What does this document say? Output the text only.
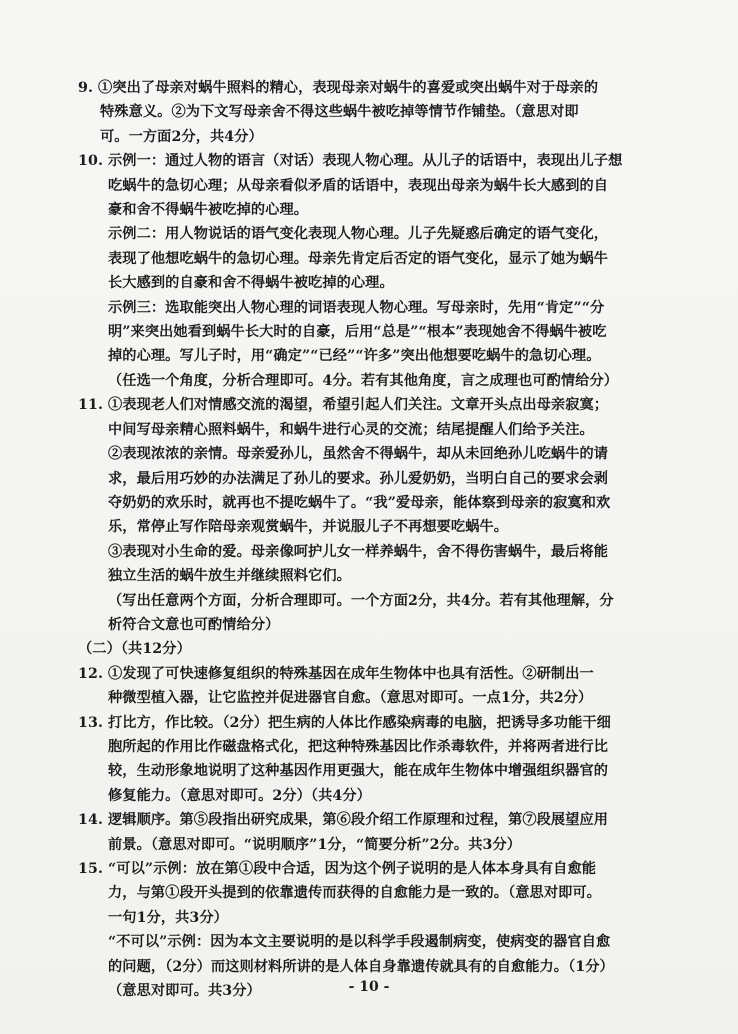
9. ①突出了母亲对蜗牛照料的精心，表现母亲对蜗牛的喜爱或突出蜗牛对于母亲的
特殊意义。②为下文写母亲舍不得这些蜗牛被吃掉等情节作铺垫。（意思对即
可。一方面2分，共4分）
10. 示例一：通过人物的语言（对话）表现人物心理。从儿子的话语中，表现出儿子想
吃蜗牛的急切心理；从母亲看似矛盾的话语中，表现出母亲为蜗牛长大感到的自
豪和舍不得蜗牛被吃掉的心理。
示例二：用人物说话的语气变化表现人物心理。儿子先疑惑后确定的语气变化，
表现了他想吃蜗牛的急切心理。母亲先肯定后否定的语气变化，显示了她为蜗牛
长大感到的自豪和舍不得蜗牛被吃掉的心理。
示例三：选取能突出人物心理的词语表现人物心理。写母亲时，先用“肯定”“分
明”来突出她看到蜗牛长大时的自豪，后用“总是”“根本”表现她舍不得蜗牛被吃
掉的心理。写儿子时，用“确定”“已经”“许多”突出他想要吃蜗牛的急切心理。
（任选一个角度，分析合理即可。4分。若有其他角度，言之成理也可酌情给分）
11. ①表现老人们对情感交流的渴望，希望引起人们关注。文章开头点出母亲寂寞；
中间写母亲精心照料蜗牛，和蜗牛进行心灵的交流；结尾提醒人们给予关注。
②表现浓浓的亲情。母亲爱孙儿，虽然舍不得蜗牛，却从未回绝孙儿吃蜗牛的请
求，最后用巧妙的办法满足了孙儿的要求。孙儿爱奶奶，当明白自己的要求会剥
夺奶奶的欢乐时，就再也不提吃蜗牛了。“我”爱母亲，能体察到母亲的寂寞和欢
乐，常停止写作陪母亲观赏蜗牛，并说服儿子不再想要吃蜗牛。
③表现对小生命的爱。母亲像呵护儿女一样养蜗牛，舍不得伤害蜗牛，最后将能
独立生活的蜗牛放生并继续照料它们。
（写出任意两个方面，分析合理即可。一个方面2分，共4分。若有其他理解，分
析符合文意也可酌情给分）
（二）（共12分）
12. ①发现了可快速修复组织的特殊基因在成年生物体中也具有活性。②研制出一
种微型植入器，让它监控并促进器官自愈。（意思对即可。一点1分，共2分）
13. 打比方，作比较。（2分）把生病的人体比作感染病毒的电脑，把诱导多功能干细
胞所起的作用比作磁盘格式化，把这种特殊基因比作杀毒软件，并将两者进行比
较，生动形象地说明了这种基因作用更强大，能在成年生物体中增强组织器官的
修复能力。（意思对即可。2分）（共4分）
14. 逻辑顺序。第⑤段指出研究成果，第⑥段介绍工作原理和过程，第⑦段展望应用
前景。（意思对即可。“说明顺序”1分，“简要分析”2分。共3分）
15. “可以”示例：放在第①段中合适，因为这个例子说明的是人体本身具有自愈能
力，与第①段开头提到的依靠遗传而获得的自愈能力是一致的。（意思对即可。
一句1分，共3分）
“不可以”示例：因为本文主要说明的是以科学手段遏制病变，使病变的器官自愈
的问题，（2分）而这则材料所讲的是人体自身靠遗传就具有的自愈能力。（1分）
（意思对即可。共3分）	- 10 -
